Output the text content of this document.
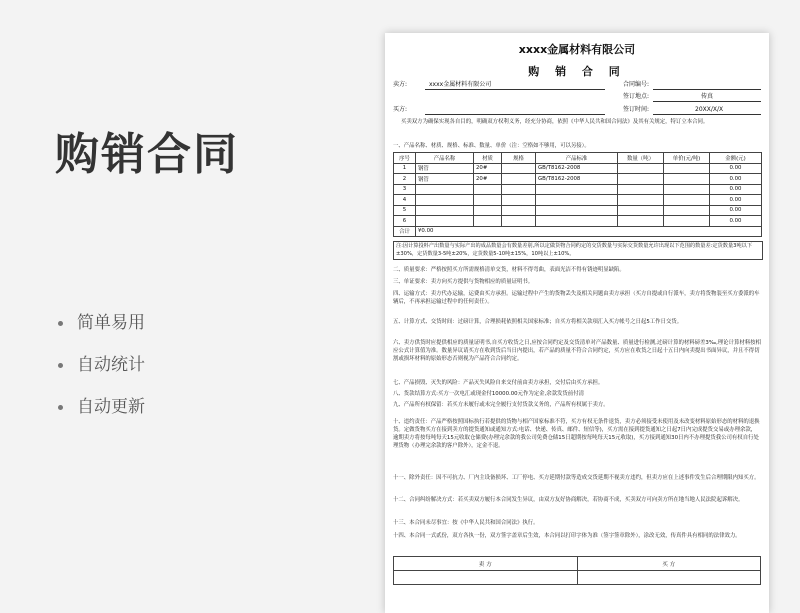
购销合同
简单易用
自动统计
自动更新
xxxx金属材料有限公司
购 销 合 同
卖方:	xxxx金属材料有限公司	合同编号:
签订地点:	传真
买方:	签订时间:	20XX/X/X
买卖双方为确保实现各自目的，明确双方权利义务，经充分协商，依照《中华人民共和国合同法》及其有关规定，特订立本合同。
一、产品名称、材质、规格、标准、数量、单价（注：空格如不够用，可以另接）。
序号	产品名称	材质	规格	产品标准	数量（吨）	单价(元/吨)	金额(元)
1	钢管	20#		GB/T8162-2008			0.00
2	钢管	20#		GB/T8162-2008			0.00
3							0.00
4							0.00
5							0.00
6							0.00
合计	¥0.00						
注:因计算投料产出数量与实际产出的成品数量会有数量差别,所以定做货物合同约定的交货数量与实际交货数量允许出现以下范围的数量差:定货数量3吨以下±30%，定货数量3-5吨±20%，定货数量5-10吨±15%，10吨以上±10%。
二、质量要求：严格按照买方所需规格清单交货，材料不得弯曲，表面光洁不得有锈迹明显缺陷。
三、单证要求：卖方向买方提供与货物相应的质量证明书。
四、运输方式：卖方代办运输，运费由买方承担。运输过程中产生的货物丢失及相关问题由卖方承担（买方自提或自行派车，卖方将货物装至买方委派的车辆后，不再承担运输过程中的任何责任）。
五、计算方式、交货时间：过磅计算，合理损耗依照相关国家标准；自买方将相关款项汇入买方帐号之日起5工作日交货。
六、卖方供货时应提供相应的质量证明书,自买方收货之日,应按合同约定及交货清单对产品数量、质量进行检测,过磅计算的材料磅差3‰,理论计算材料按相应公式计算值为准。数量异议请买方在收到货后当日内提出，若产品的质量不符合合同约定，买方应在收货之日起十五日内向卖提出书面异议，并且不得切割或损坏材料的原始形态否则视为产品符合合同约定。
七、产品损毁、灭失的风险：产品灭失风险自来交付前由卖方承担，交付后由买方承担。
八、货款结算方式:买方一次电汇或现金付10000.00元作为定金,余款发货前付清
九、产品所有权保留：若买方未履行或未完全履行支付货款义务的，产品所有权属于卖方。
十、违约责任：产品严格按照国标执行若提供的货物与相产国家标准不符，买方有权无条件退货，卖方必须接受未使用及未改变材料原始形态的材料的退换货。定做货物买方在接到卖方的提货通知或通知方式:电话、快递、传真、邮件、短信等)，买方需在接到提货通知之日起7日内完成提货交易或办理余款，逾期卖方将按每吨每天15元收取仓储费(办理完余款的我公司免费仓储15日超期按每吨每天15元收取)，买方接到通知30日内不办理提货我公司有权自行处理货物（办理完余款的客户除外），定金不退。
十一、除外责任：因不可抗力、厂内主设备损坏、工厂停电、买方延期付款等造成交货延期不视卖方违约，但卖方应在上述事件发生后合理期限内知买方。
十二、合同纠纷解决方式：若买卖双方履行本合同发生异议，由双方友好协商解决，若协商不成，买卖双方可向卖方所在地当地人民法院起诉解决。
十三、本合同未尽事宜：按《中华人民共和国合同法》执行。
十四、本合同一式贰份，双方各执一份，双方签字盖章后生效，本合同以打印字体为准（签字签章除外），涂改无效，传真件具有相同的法律效力。
卖 方	买 方
